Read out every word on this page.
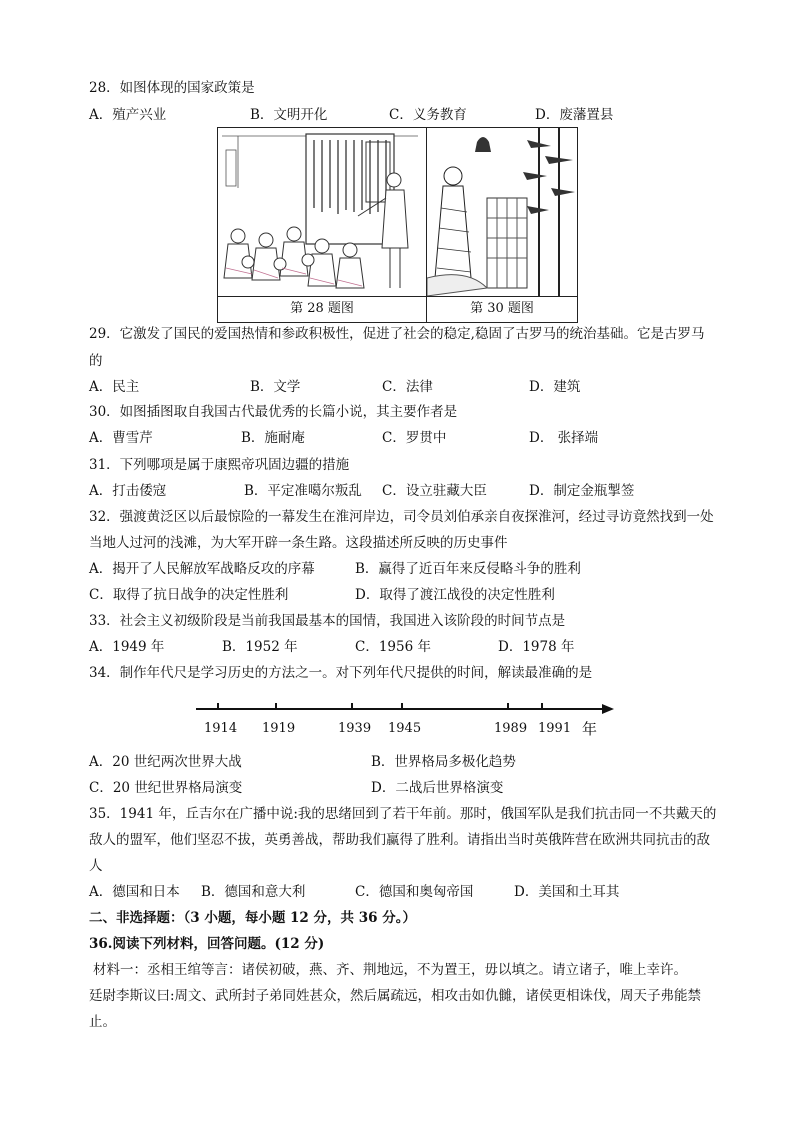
28．如图体现的国家政策是
A．殖产兴业	B．文明开化	C．义务教育	D．废藩置县
第 28 题图	第 30 题图
29．它激发了国民的爱国热情和参政积极性，促进了社会的稳定,稳固了古罗马的统治基础。它是古罗马
的
A．民主	B．文学	C．法律	D．建筑
30．如图插图取自我国古代最优秀的长篇小说，其主要作者是
A．曹雪芹	B．施耐庵	C．罗贯中	D． 张择端
31．下列哪项是属于康熙帝巩固边疆的措施
A．打击倭寇	B．平定准噶尔叛乱 C．设立驻藏大臣	D．制定金瓶掣签
32．强渡黄泛区以后最惊险的一幕发生在淮河岸边，司令员刘伯承亲自夜探淮河，经过寻访竟然找到一处
当地人过河的浅滩，为大军开辟一条生路。这段描述所反映的历史事件
A．揭开了人民解放军战略反攻的序幕	B．赢得了近百年来反侵略斗争的胜利
C．取得了抗日战争的决定性胜利	D．取得了渡江战役的决定性胜利
33．社会主义初级阶段是当前我国最基本的国情，我国进入该阶段的时间节点是
A．1949 年	B．1952 年	C．1956 年	D．1978 年
34．制作年代尺是学习历史的方法之一。对下列年代尺提供的时间，解读最准确的是
1914 1919	1939 1945	1989 1991 年
A．20 世纪两次世界大战	B．世界格局多极化趋势
C．20 世纪世界格局演变	D．二战后世界格演变
35．1941 年，丘吉尔在广播中说:我的思绪回到了若干年前。那时，俄国军队是我们抗击同一不共戴天的
敌人的盟军，他们坚忍不拔，英勇善战，帮助我们赢得了胜利。请指出当时英俄阵营在欧洲共同抗击的敌
人
A．德国和日本 B．德国和意大利	C．德国和奥匈帝国	D．美国和土耳其
二、非选择题：（3 小题，每小题 12 分，共 36 分。）
36.阅读下列材料，回答问题。(12 分)
材料一：丞相王绾等言：诸侯初破，燕、齐、荆地远，不为置王，毋以填之。请立诸子，唯上幸许。
廷尉李斯议曰:周文、武所封子弟同姓甚众，然后属疏远，相攻击如仇雠，诸侯更相诛伐，周天子弗能禁
止。
